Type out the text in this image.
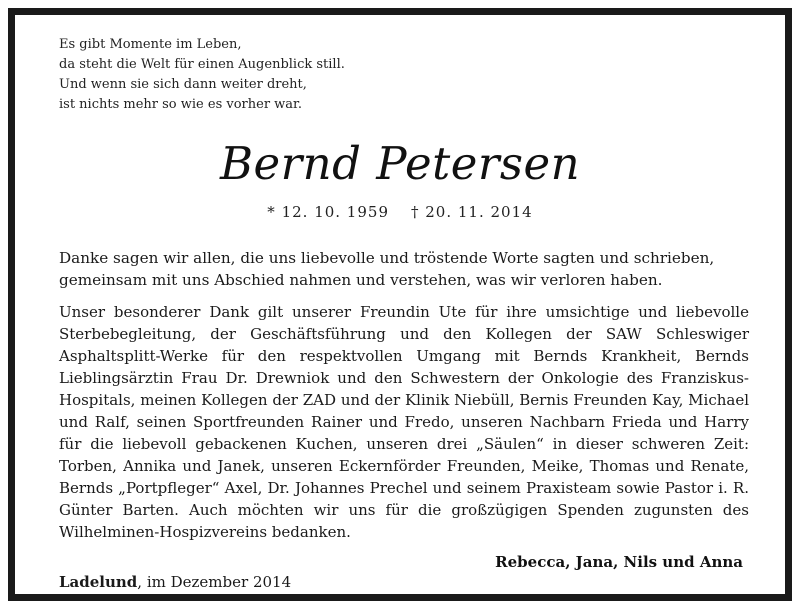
Es gibt Momente im Leben,
da steht die Welt für einen Augenblick still.
Und wenn sie sich dann weiter dreht,
ist nichts mehr so wie es vorher war.
Bernd Petersen
* 12. 10. 1959 † 20. 11. 2014
Danke sagen wir allen, die uns liebevolle und tröstende Worte sagten und schrieben, gemeinsam mit uns Abschied nahmen und verstehen, was wir verloren haben.
Unser besonderer Dank gilt unserer Freundin Ute für ihre umsichtige und liebevolle Sterbebegleitung, der Geschäftsführung und den Kollegen der SAW Schleswiger Asphaltsplitt-Werke für den respektvollen Umgang mit Bernds Krankheit, Bernds Lieblingsärztin Frau Dr. Drewniok und den Schwestern der Onkologie des Franziskus-Hospitals, meinen Kollegen der ZAD und der Klinik Niebüll, Bernis Freunden Kay, Michael und Ralf, seinen Sportfreunden Rainer und Fredo, unseren Nachbarn Frieda und Harry für die liebevoll gebackenen Kuchen, unseren drei „Säulen“ in dieser schweren Zeit: Torben, Annika und Janek, unseren Eckernförder Freunden, Meike, Thomas und Renate, Bernds „Portpfleger“ Axel, Dr. Johannes Prechel und seinem Praxisteam sowie Pastor i. R. Günter Barten. Auch möchten wir uns für die großzügigen Spenden zugunsten des Wilhelminen-Hospizvereins bedanken.
Rebecca, Jana, Nils und Anna
Ladelund, im Dezember 2014
